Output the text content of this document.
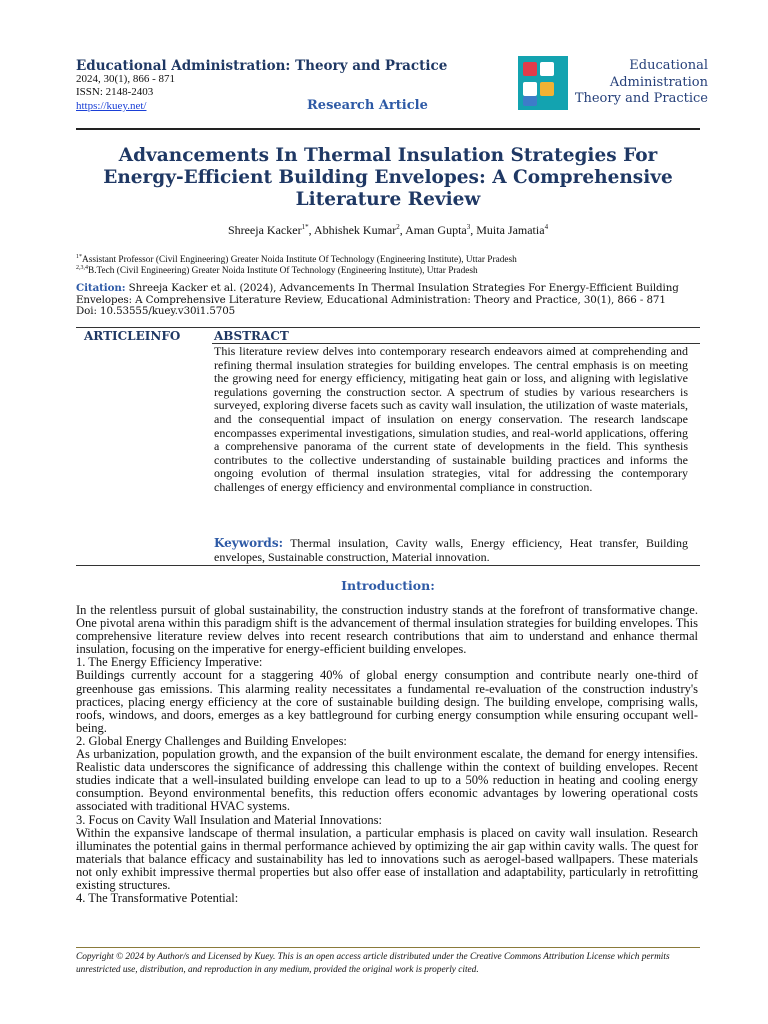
Educational Administration: Theory and Practice
2024, 30(1), 866 - 871
ISSN: 2148-2403
https://kuey.net/	Research Article
Educational
Administration
Theory and Practice
Advancements In Thermal Insulation Strategies For Energy-Efficient Building Envelopes: A Comprehensive Literature Review
Shreeja Kacker$^{1*}$, Abhishek Kumar$^2$, Aman Gupta$^3$, Muita Jamatia$^4$
$^{1*}$Assistant Professor (Civil Engineering) Greater Noida Institute Of Technology (Engineering Institute), Uttar Pradesh
$^{2,3,4}$B.Tech (Civil Engineering) Greater Noida Institute Of Technology (Engineering Institute), Uttar Pradesh
Citation: Shreeja Kacker et al. (2024), Advancements In Thermal Insulation Strategies For Energy-Efficient Building Envelopes: A Comprehensive Literature Review, Educational Administration: Theory and Practice, 30(1), 866 - 871
Doi: 10.53555/kuey.v30i1.5705
ARTICLEINFO	ABSTRACT
This literature review delves into contemporary research endeavors aimed at comprehending and refining thermal insulation strategies for building envelopes. The central emphasis is on meeting the growing need for energy efficiency, mitigating heat gain or loss, and aligning with legislative regulations governing the construction sector. A spectrum of studies by various researchers is surveyed, exploring diverse facets such as cavity wall insulation, the utilization of waste materials, and the consequential impact of insulation on energy conservation. The research landscape encompasses experimental investigations, simulation studies, and real-world applications, offering a comprehensive panorama of the current state of developments in the field. This synthesis contributes to the collective understanding of sustainable building practices and informs the ongoing evolution of thermal insulation strategies, vital for addressing the contemporary challenges of energy efficiency and environmental compliance in construction.
Keywords: Thermal insulation, Cavity walls, Energy efficiency, Heat transfer, Building envelopes, Sustainable construction, Material innovation.
Introduction:

In the relentless pursuit of global sustainability, the construction industry stands at the forefront of transformative change. One pivotal arena within this paradigm shift is the advancement of thermal insulation strategies for building envelopes. This comprehensive literature review delves into recent research contributions that aim to understand and enhance thermal insulation, focusing on the imperative for energy-efficient building envelopes.

1. The Energy Efficiency Imperative:

Buildings currently account for a staggering 40% of global energy consumption and contribute nearly one-third of greenhouse gas emissions. This alarming reality necessitates a fundamental re-evaluation of the construction industry's practices, placing energy efficiency at the core of sustainable building design. The building envelope, comprising walls, roofs, windows, and doors, emerges as a key battleground for curbing energy consumption while ensuring occupant well-being.

2. Global Energy Challenges and Building Envelopes:

As urbanization, population growth, and the expansion of the built environment escalate, the demand for energy intensifies. Realistic data underscores the significance of addressing this challenge within the context of building envelopes. Recent studies indicate that a well-insulated building envelope can lead to up to a 50% reduction in heating and cooling energy consumption. Beyond environmental benefits, this reduction offers economic advantages by lowering operational costs associated with traditional HVAC systems.

3. Focus on Cavity Wall Insulation and Material Innovations:

Within the expansive landscape of thermal insulation, a particular emphasis is placed on cavity wall insulation. Research illuminates the potential gains in thermal performance achieved by optimizing the air gap within cavity walls. The quest for materials that balance efficacy and sustainability has led to innovations such as aerogel-based wallpapers. These materials not only exhibit impressive thermal properties but also offer ease of installation and adaptability, particularly in retrofitting existing structures.

4. The Transformative Potential:

Copyright © 2024 by Author/s and Licensed by Kuey. This is an open access article distributed under the Creative Commons Attribution License which permits unrestricted use, distribution, and reproduction in any medium, provided the original work is properly cited.
